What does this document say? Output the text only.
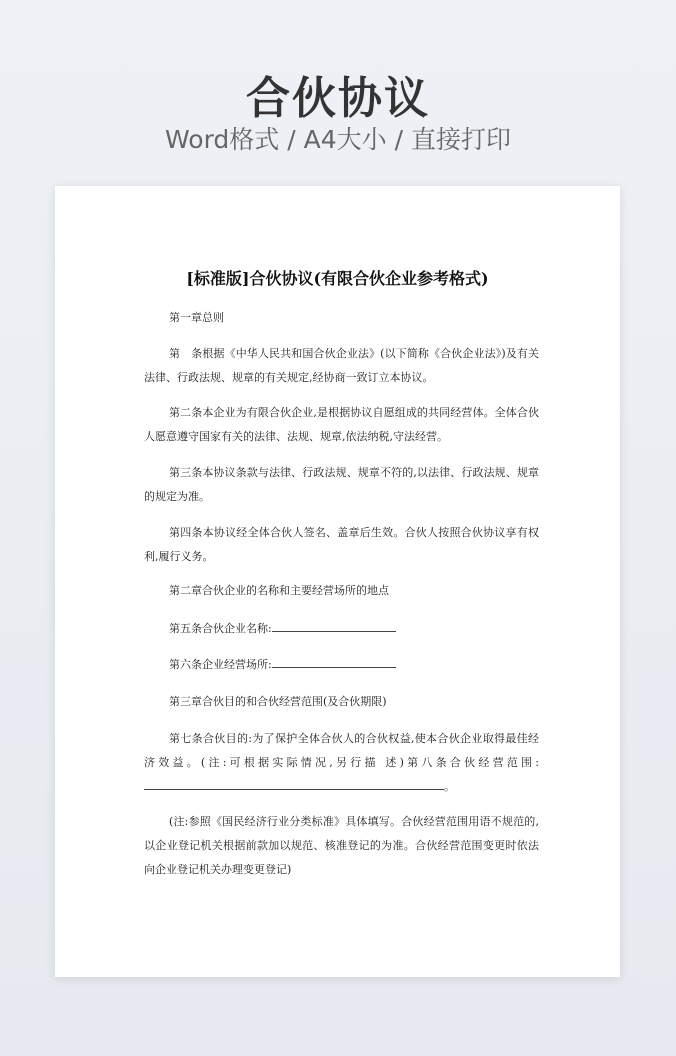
合伙协议
Word格式 / A4大小 / 直接打印
[标准版]合伙协议(有限合伙企业参考格式)

第一章总则

第　条根据《中华人民共和国合伙企业法》(以下简称《合伙企业法》)及有关法律、行政法规、规章的有关规定,经协商一致订立本协议。

第二条本企业为有限合伙企业,是根据协议自愿组成的共同经营体。全体合伙人愿意遵守国家有关的法律、法规、规章,依法纳税,守法经营。

第三条本协议条款与法律、行政法规、规章不符的,以法律、行政法规、规章的规定为准。

第四条本协议经全体合伙人签名、盖章后生效。合伙人按照合伙协议享有权利,履行义务。

第二章合伙企业的名称和主要经营场所的地点

第五条合伙企业名称:

第六条企业经营场所:

第三章合伙目的和合伙经营范围(及合伙期限)

第七条合伙目的:为了保护全体合伙人的合伙权益,使本合伙企业取得最佳经济效益。(注:可根据实际情况,另行描 述)第八条合伙经营范围:。

(注:参照《国民经济行业分类标准》具体填写。合伙经营范围用语不规范的,以企业登记机关根据前款加以规范、核准登记的为准。合伙经营范围变更时依法向企业登记机关办理变更登记)
